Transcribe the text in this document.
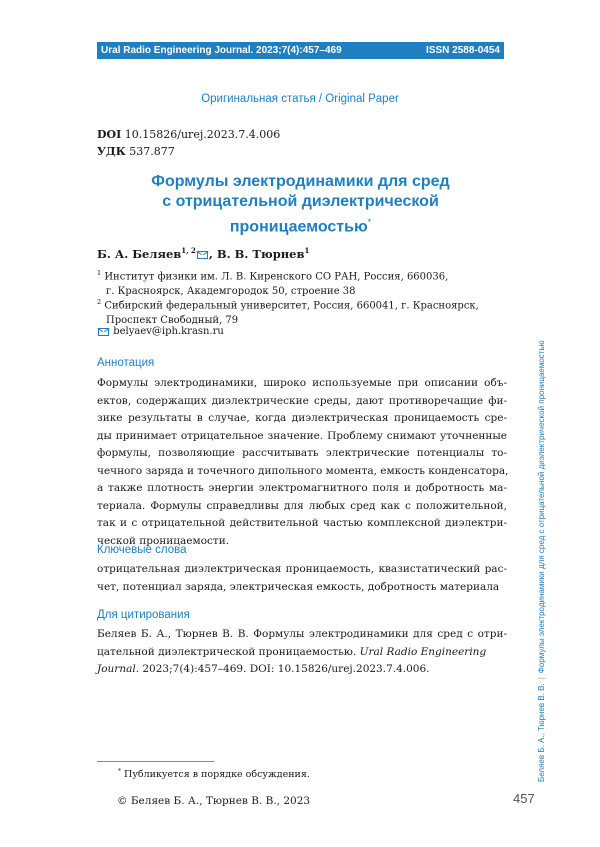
Ural Radio Engineering Journal. 2023;7(4):457–469	ISSN 2588-0454
Оригинальная статья / Original Paper
DOI 10.15826/urej.2023.7.4.006
УДК 537.877
Формулы электродинамики для сред
с отрицательной диэлектрической
проницаемостью*
Б. А. Беляев1, 2 , В. В. Тюрнев1
1 Институт физики им. Л. В. Киренского СО РАН, Россия, 660036,
г. Красноярск, Академгородок 50, строение 38
2 Сибирский федеральный университет, Россия, 660041, г. Красноярск,
Проспект Свободный, 79
belyaev@iph.krasn.ru
Аннотация
Формулы электродинамики, широко используемые при описании объ-
ектов, содержащих диэлектрические среды, дают противоречащие фи-
зике результаты в случае, когда диэлектрическая проницаемость сре-
ды принимает отрицательное значение. Проблему снимают уточненные
формулы, позволяющие рассчитывать электрические потенциалы то-
чечного заряда и точечного дипольного момента, емкость конденсатора,
а также плотность энергии электромагнитного поля и добротность ма-
териала. Формулы справедливы для любых сред как с положительной,
так и с отрицательной действительной частью комплексной диэлектри-
ческой проницаемости.
Ключевые слова
отрицательная диэлектрическая проницаемость, квазистатический рас-
чет, потенциал заряда, электрическая емкость, добротность материала
Для цитирования
Беляев Б. А., Тюрнев В. В. Формулы электродинамики для сред с отри-
цательной диэлектрической проницаемостью. Ural Radio Engineering
Journal. 2023;7(4):457–469. DOI: 10.15826/urej.2023.7.4.006.
* Публикуется в порядке обсуждения.
© Беляев Б. А., Тюрнев В. В., 2023	457
Беляев Б. А., Тюрнев В. В.|Формулы электродинамики для сред с отрицательной диэлектрической проницаемостью
